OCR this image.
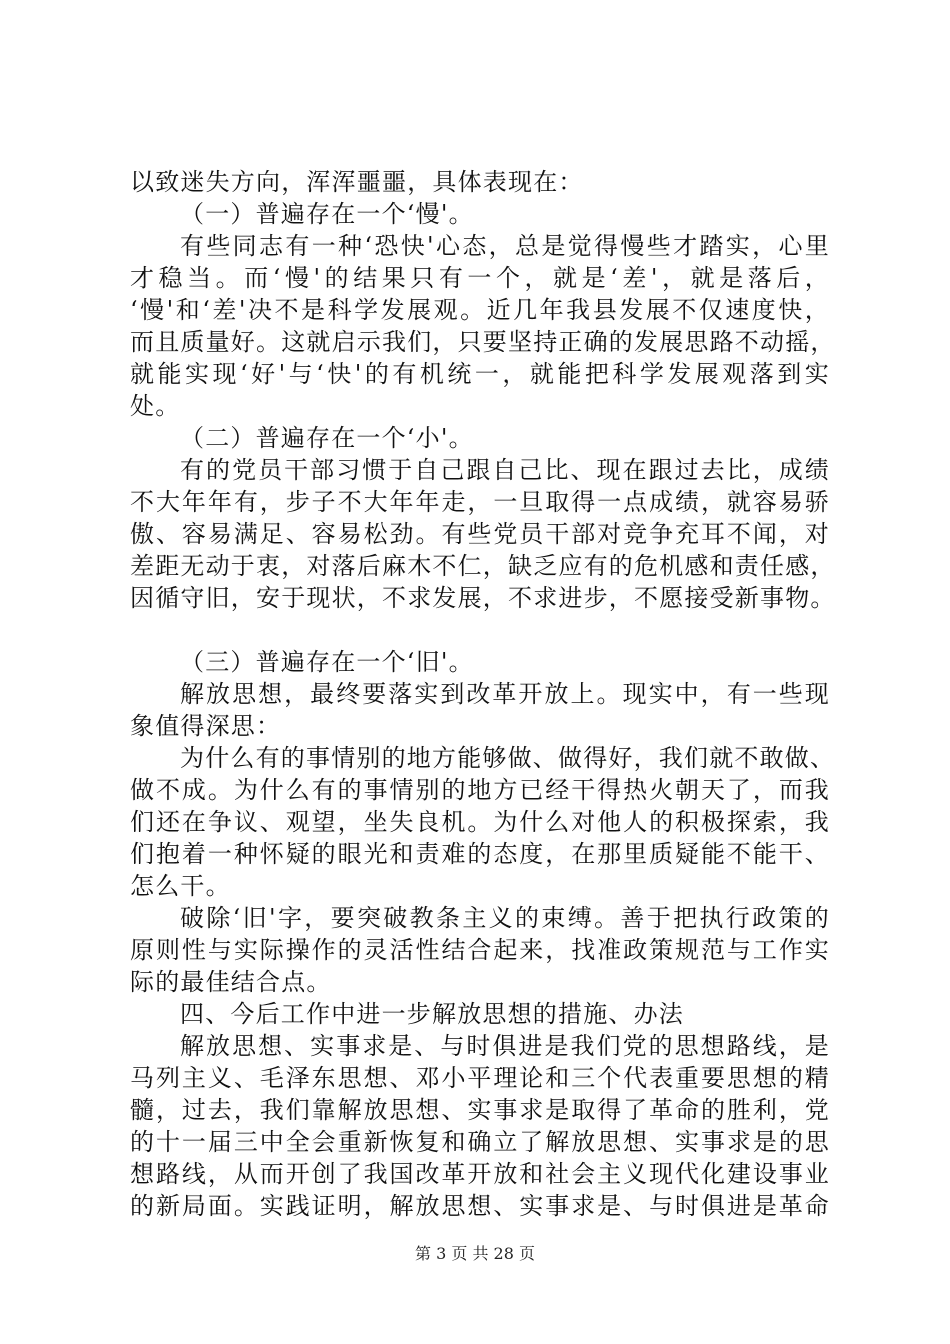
以致迷失方向，浑浑噩噩，具体表现在：
（一）普遍存在一个‘慢'。
有些同志有一种‘恐快'心态，总是觉得慢些才踏实，心里
才稳当。而‘慢'的结果只有一个，就是‘差'，就是落后，
‘慢'和‘差'决不是科学发展观。近几年我县发展不仅速度快，
而且质量好。这就启示我们，只要坚持正确的发展思路不动摇，
就能实现‘好'与‘快'的有机统一，就能把科学发展观落到实
处。
（二）普遍存在一个‘小'。
有的党员干部习惯于自己跟自己比、现在跟过去比，成绩
不大年年有，步子不大年年走，一旦取得一点成绩，就容易骄
傲、容易满足、容易松劲。有些党员干部对竞争充耳不闻，对
差距无动于衷，对落后麻木不仁，缺乏应有的危机感和责任感，
因循守旧，安于现状，不求发展，不求进步，不愿接受新事物。
（三）普遍存在一个‘旧'。
解放思想，最终要落实到改革开放上。现实中，有一些现
象值得深思：
为什么有的事情别的地方能够做、做得好，我们就不敢做、
做不成。为什么有的事情别的地方已经干得热火朝天了，而我
们还在争议、观望，坐失良机。为什么对他人的积极探索，我
们抱着一种怀疑的眼光和责难的态度，在那里质疑能不能干、
怎么干。
破除‘旧'字，要突破教条主义的束缚。善于把执行政策的
原则性与实际操作的灵活性结合起来，找准政策规范与工作实
际的最佳结合点。
四、今后工作中进一步解放思想的措施、办法
解放思想、实事求是、与时俱进是我们党的思想路线，是
马列主义、毛泽东思想、邓小平理论和三个代表重要思想的精
髓，过去，我们靠解放思想、实事求是取得了革命的胜利，党
的十一届三中全会重新恢复和确立了解放思想、实事求是的思
想路线，从而开创了我国改革开放和社会主义现代化建设事业
的新局面。实践证明，解放思想、实事求是、与时俱进是革命
第 3 页 共 28 页
